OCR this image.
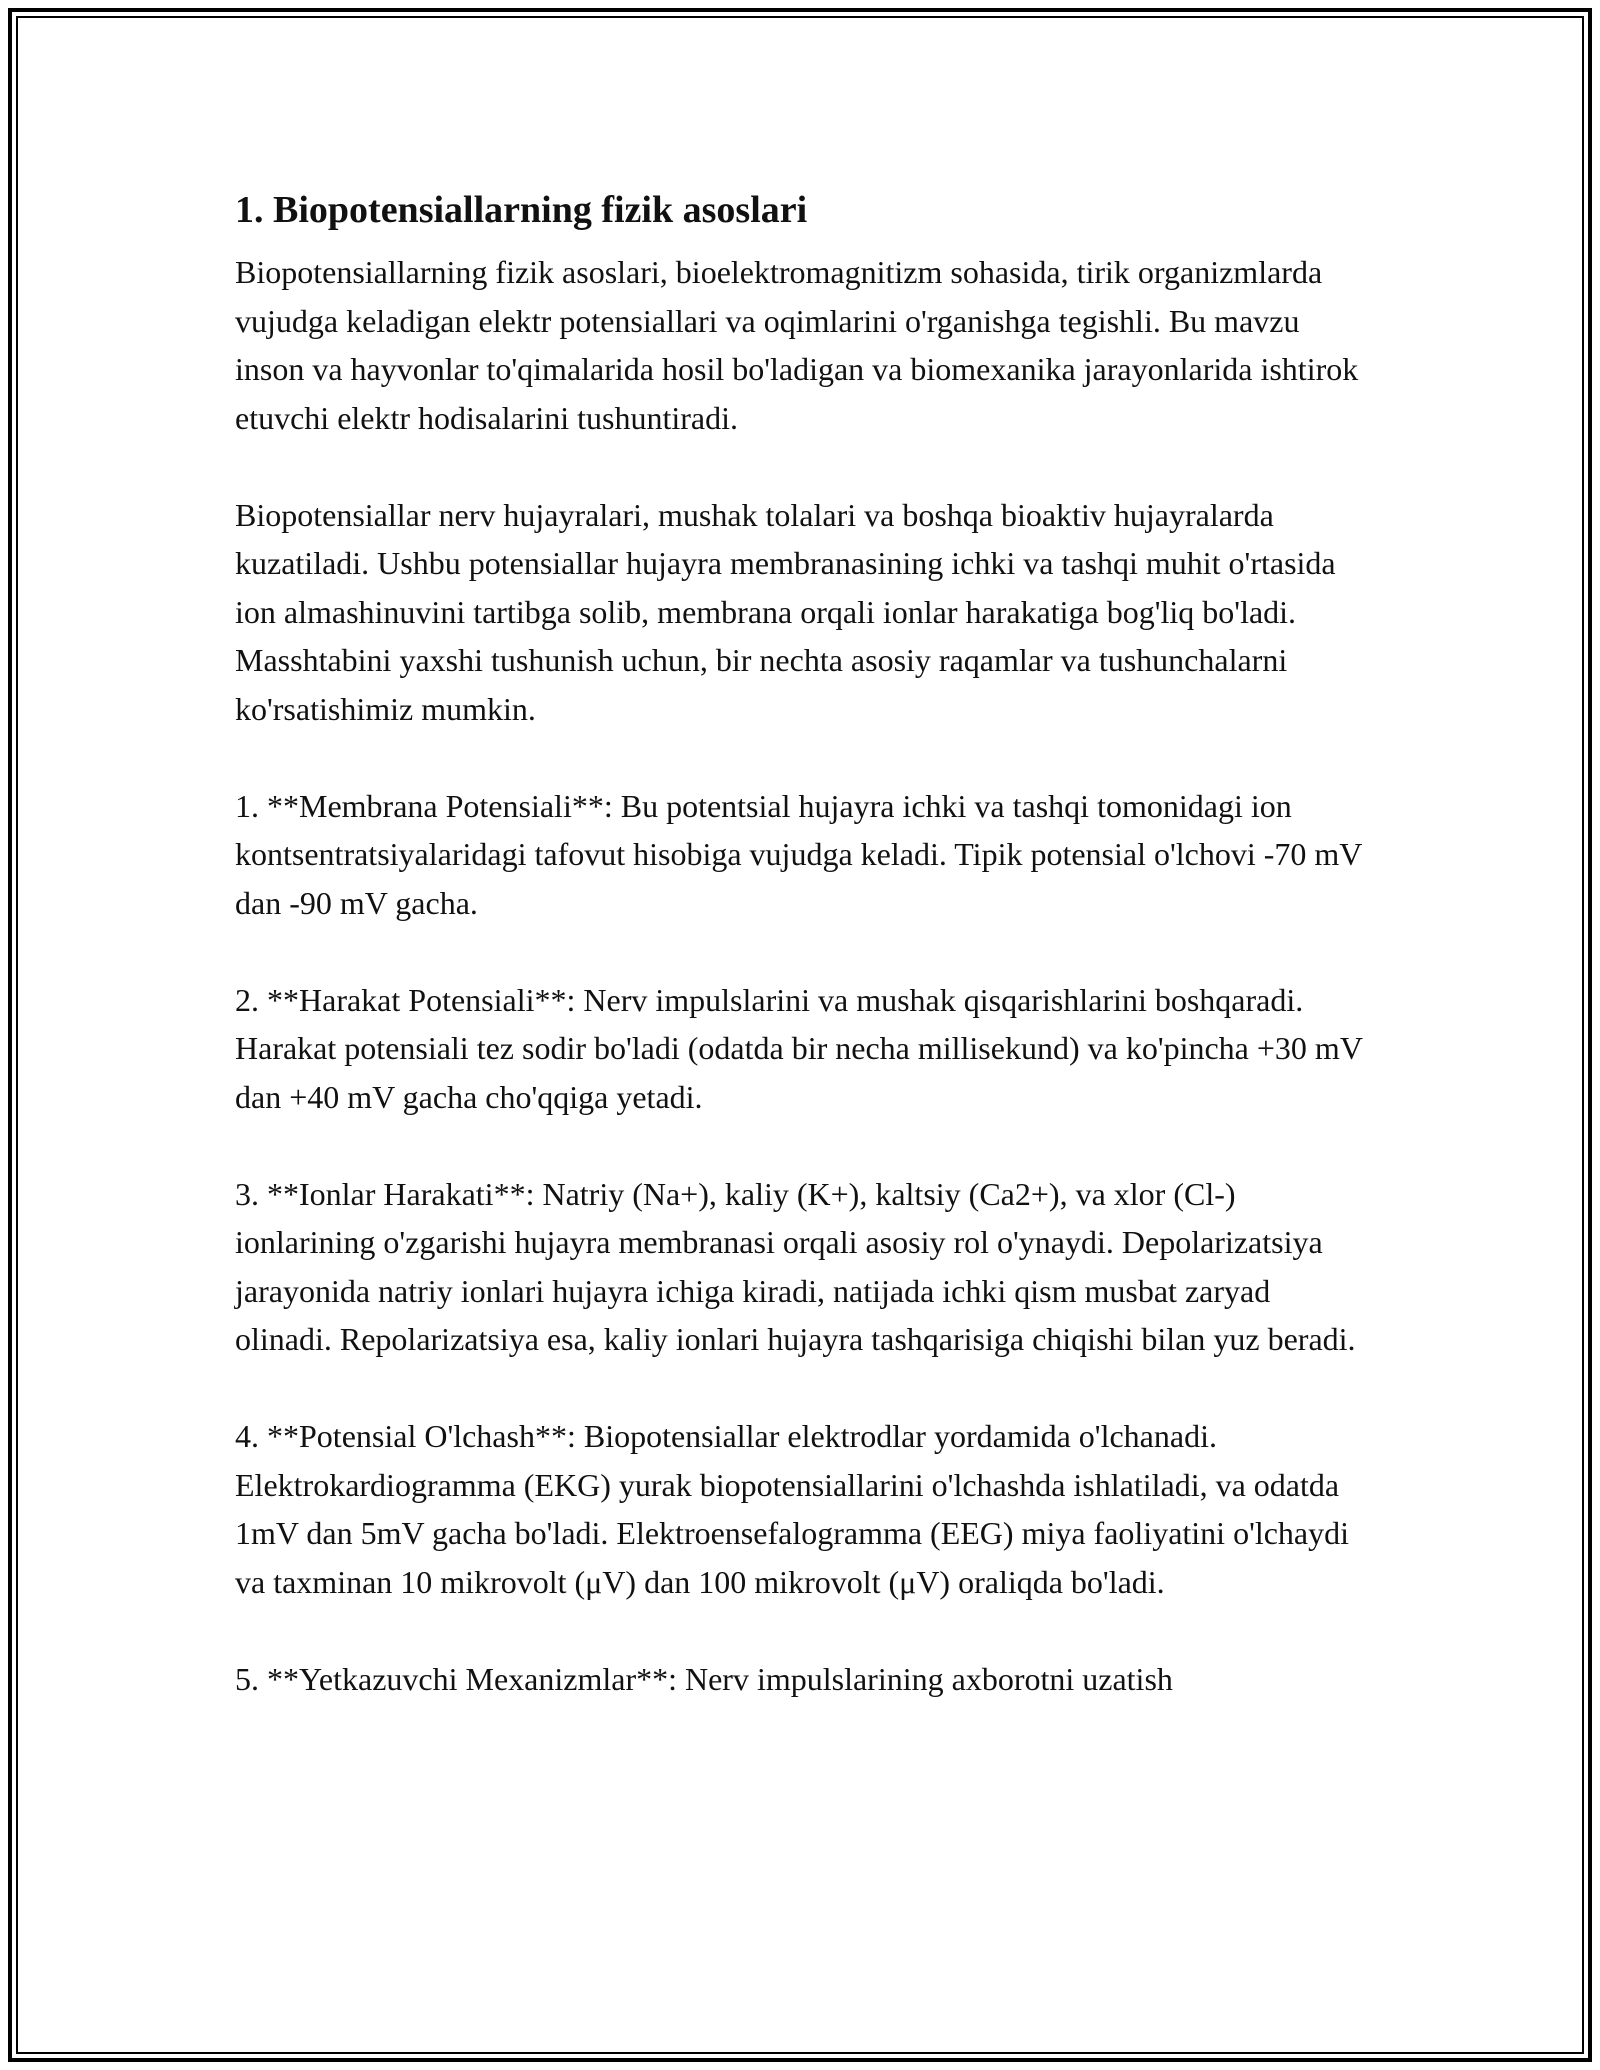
1. Biopotensiallarning fizik asoslari

Biopotensiallarning fizik asoslari, bioelektromagnitizm sohasida, tirik organizmlarda vujudga keladigan elektr potensiallari va oqimlarini o'rganishga tegishli. Bu mavzu inson va hayvonlar to'qimalarida hosil bo'ladigan va biomexanika jarayonlarida ishtirok etuvchi elektr hodisalarini tushuntiradi.

Biopotensiallar nerv hujayralari, mushak tolalari va boshqa bioaktiv hujayralarda kuzatiladi. Ushbu potensiallar hujayra membranasining ichki va tashqi muhit o'rtasida ion almashinuvini tartibga solib, membrana orqali ionlar harakatiga bog'liq bo'ladi. Masshtabini yaxshi tushunish uchun, bir nechta asosiy raqamlar va tushunchalarni ko'rsatishimiz mumkin.

1. **Membrana Potensiali**: Bu potentsial hujayra ichki va tashqi tomonidagi ion kontsentratsiyalaridagi tafovut hisobiga vujudga keladi. Tipik potensial o'lchovi -70 mV dan -90 mV gacha.

2. **Harakat Potensiali**: Nerv impulslarini va mushak qisqarishlarini boshqaradi. Harakat potensiali tez sodir bo'ladi (odatda bir necha millisekund) va ko'pincha +30 mV dan +40 mV gacha cho'qqiga yetadi.

3. **Ionlar Harakati**: Natriy (Na+), kaliy (K+), kaltsiy (Ca2+), va xlor (Cl-) ionlarining o'zgarishi hujayra membranasi orqali asosiy rol o'ynaydi. Depolarizatsiya jarayonida natriy ionlari hujayra ichiga kiradi, natijada ichki qism musbat zaryad olinadi. Repolarizatsiya esa, kaliy ionlari hujayra tashqarisiga chiqishi bilan yuz beradi.

4. **Potensial O'lchash**: Biopotensiallar elektrodlar yordamida o'lchanadi. Elektrokardiogramma (EKG) yurak biopotensiallarini o'lchashda ishlatiladi, va odatda 1mV dan 5mV gacha bo'ladi. Elektroensefalogramma (EEG) miya faoliyatini o'lchaydi va taxminan 10 mikrovolt (μV) dan 100 mikrovolt (μV) oraliqda bo'ladi.

5. **Yetkazuvchi Mexanizmlar**: Nerv impulslarining axborotni uzatish
